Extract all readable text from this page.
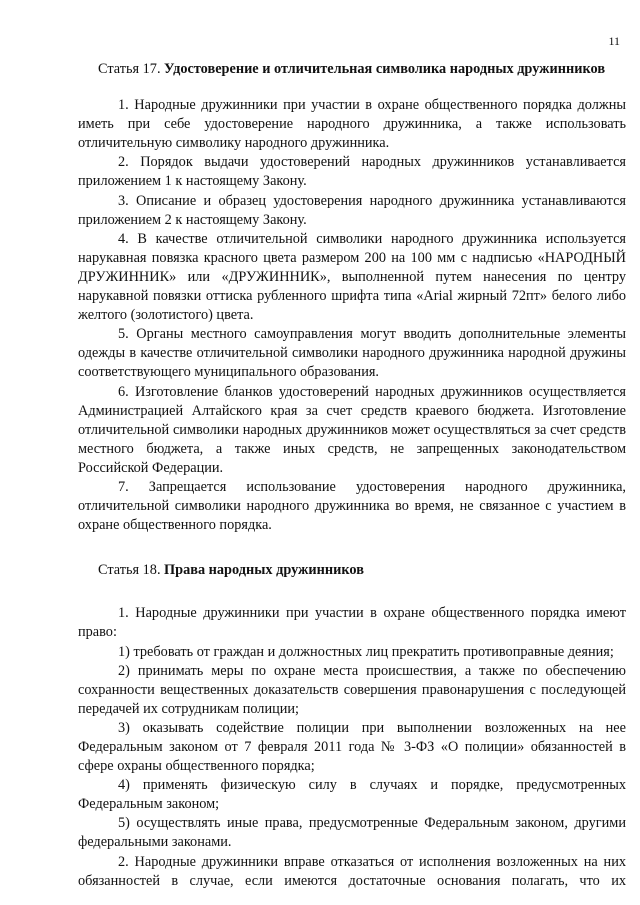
11
Статья 17. Удостоверение и отличительная символика народных дружинников

1. Народные дружинники при участии в охране общественного порядка должны иметь при себе удостоверение народного дружинника, а также использовать отличительную символику народного дружинника.

2. Порядок выдачи удостоверений народных дружинников устанавливается приложением 1 к настоящему Закону.

3. Описание и образец удостоверения народного дружинника устанавливаются приложением 2 к настоящему Закону.

4. В качестве отличительной символики народного дружинника используется нарукавная повязка красного цвета размером 200 на 100 мм с надписью «НАРОДНЫЙ ДРУЖИННИК» или «ДРУЖИННИК», выполненной путем нанесения по центру нарукавной повязки оттиска рубленного шрифта типа «Arial жирный 72пт» белого либо желтого (золотистого) цвета.

5. Органы местного самоуправления могут вводить дополнительные элементы одежды в качестве отличительной символики народного дружинника народной дружины соответствующего муниципального образования.

6. Изготовление бланков удостоверений народных дружинников осуществляется Администрацией Алтайского края за счет средств краевого бюджета. Изготовление отличительной символики народных дружинников может осуществляться за счет средств местного бюджета, а также иных средств, не запрещенных законодательством Российской Федерации.

7. Запрещается использование удостоверения народного дружинника, отличительной символики народного дружинника во время, не связанное с участием в охране общественного порядка.

Статья 18. Права народных дружинников

1. Народные дружинники при участии в охране общественного порядка имеют право:

1) требовать от граждан и должностных лиц прекратить противоправные деяния;

2) принимать меры по охране места происшествия, а также по обеспечению сохранности вещественных доказательств совершения правонарушения с последующей передачей их сотрудникам полиции;

3) оказывать содействие полиции при выполнении возложенных на нее Федеральным законом от 7 февраля 2011 года № 3-ФЗ «О полиции» обязанностей в сфере охраны общественного порядка;

4) применять физическую силу в случаях и порядке, предусмотренных Федеральным законом;

5) осуществлять иные права, предусмотренные Федеральным законом, другими федеральными законами.

2. Народные дружинники вправе отказаться от исполнения возложенных на них обязанностей в случае, если имеются достаточные основания полагать, что их
